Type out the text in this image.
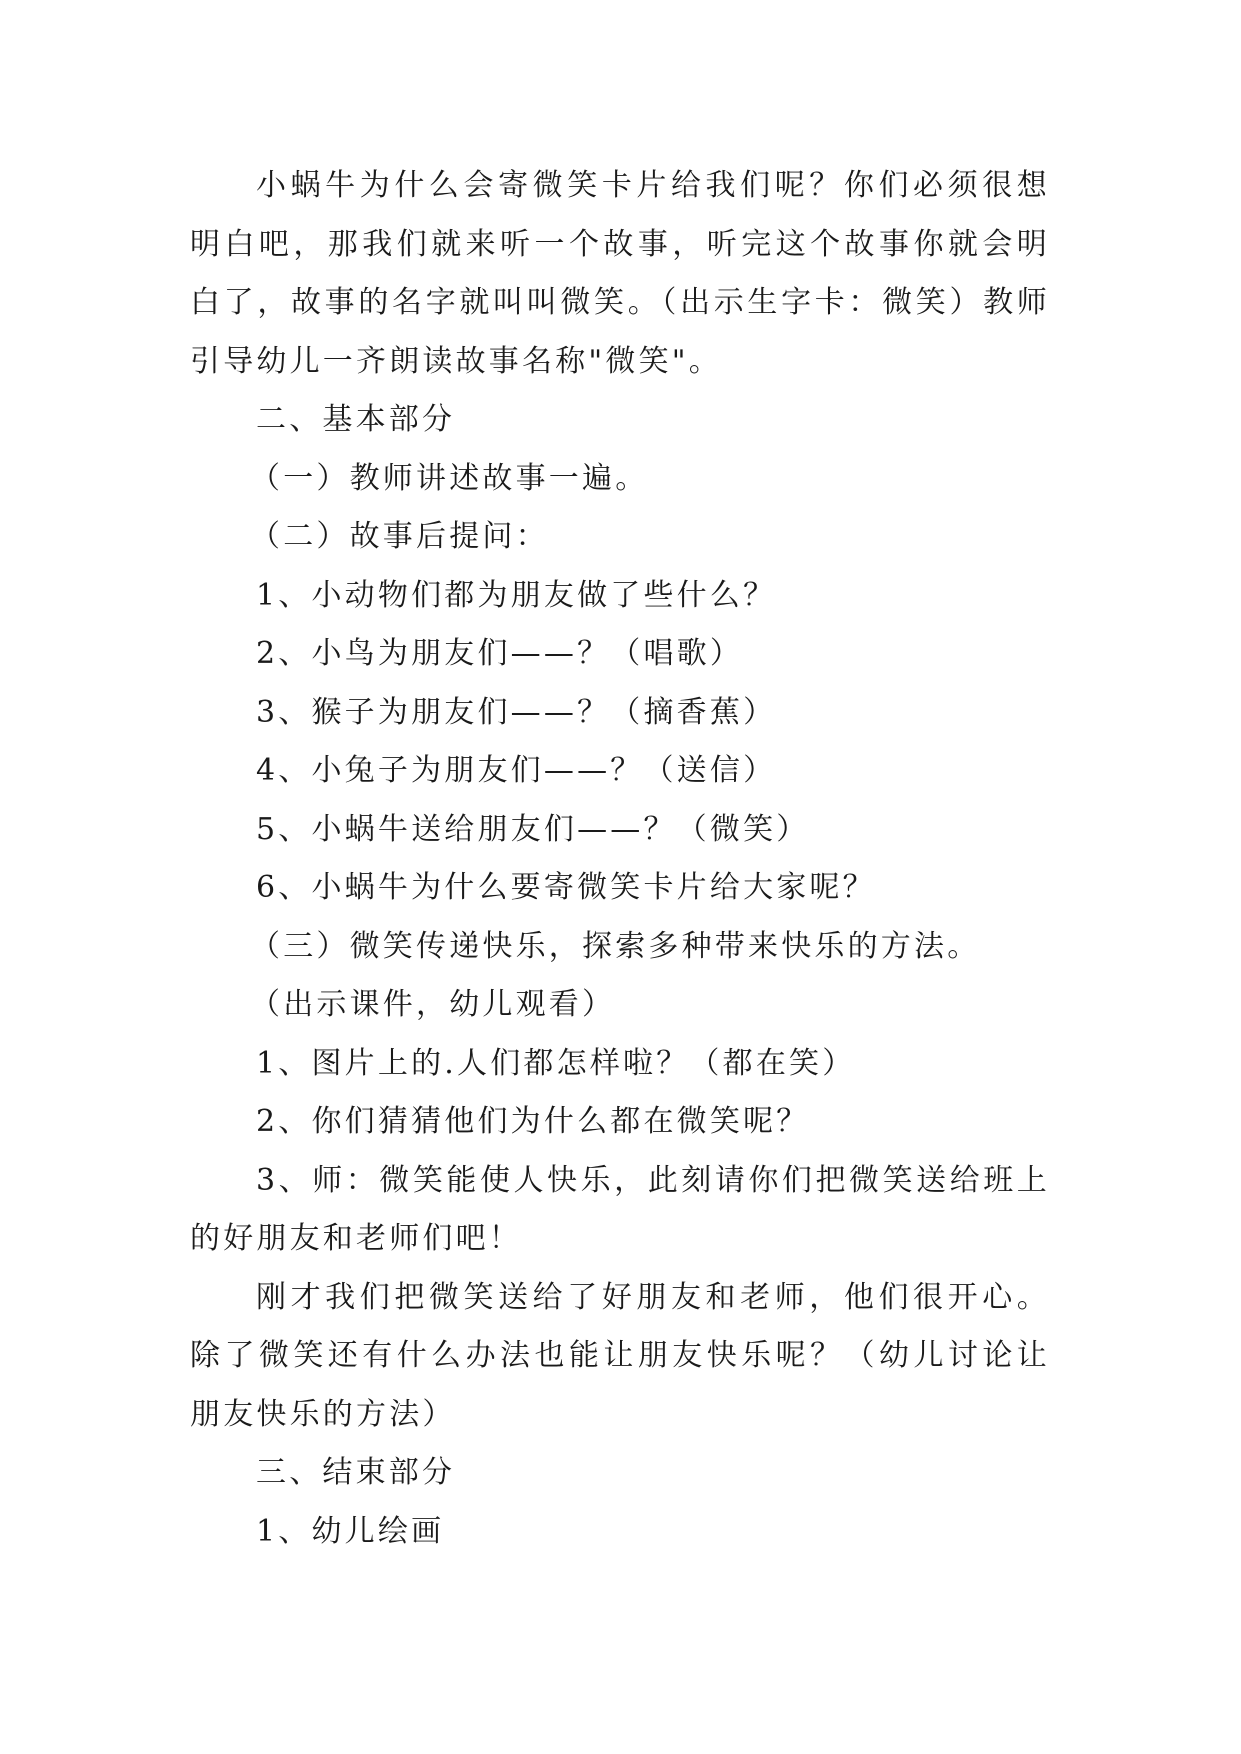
小蜗牛为什么会寄微笑卡片给我们呢？你们必须很想明白吧，那我们就来听一个故事，听完这个故事你就会明白了，故事的名字就叫叫微笑。（出示生字卡：微笑）教师引导幼儿一齐朗读故事名称"微笑"。

二、基本部分

（一）教师讲述故事一遍。

（二）故事后提问：

1、小动物们都为朋友做了些什么？

2、小鸟为朋友们——？（唱歌）

3、猴子为朋友们——？（摘香蕉）

4、小兔子为朋友们——？（送信）

5、小蜗牛送给朋友们——？（微笑）

6、小蜗牛为什么要寄微笑卡片给大家呢？

（三）微笑传递快乐，探索多种带来快乐的方法。

（出示课件，幼儿观看）

1、图片上的.人们都怎样啦？（都在笑）

2、你们猜猜他们为什么都在微笑呢？

3、师：微笑能使人快乐，此刻请你们把微笑送给班上的好朋友和老师们吧！

刚才我们把微笑送给了好朋友和老师，他们很开心。除了微笑还有什么办法也能让朋友快乐呢？（幼儿讨论让朋友快乐的方法）

三、结束部分

1、幼儿绘画
